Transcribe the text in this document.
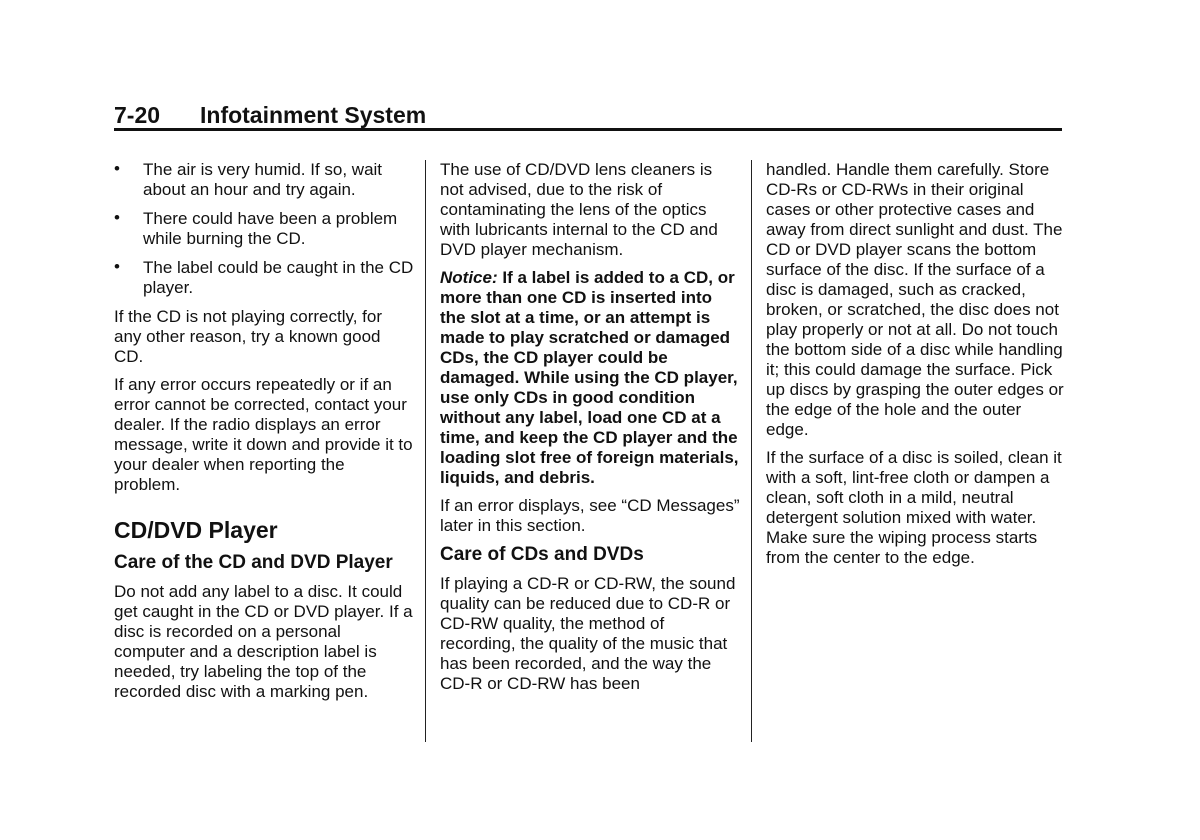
7-20 Infotainment System
• The air is very humid. If so, wait about an hour and try again.
• There could have been a problem while burning the CD.
• The label could be caught in the CD player.

If the CD is not playing correctly, for any other reason, try a known good CD.

If any error occurs repeatedly or if an error cannot be corrected, contact your dealer. If the radio displays an error message, write it down and provide it to your dealer when reporting the problem.

CD/DVD Player
Care of the CD and DVD Player

Do not add any label to a disc. It could get caught in the CD or DVD player. If a disc is recorded on a personal computer and a description label is needed, try labeling the top of the recorded disc with a marking pen.

The use of CD/DVD lens cleaners is not advised, due to the risk of contaminating the lens of the optics with lubricants internal to the CD and DVD player mechanism.

Notice: If a label is added to a CD, or more than one CD is inserted into the slot at a time, or an attempt is made to play scratched or damaged CDs, the CD player could be damaged. While using the CD player, use only CDs in good condition without any label, load one CD at a time, and keep the CD player and the loading slot free of foreign materials, liquids, and debris.

If an error displays, see “CD Messages” later in this section.

Care of CDs and DVDs

If playing a CD-R or CD-RW, the sound quality can be reduced due to CD-R or CD-RW quality, the method of recording, the quality of the music that has been recorded, and the way the CD-R or CD-RW has been

handled. Handle them carefully. Store CD-Rs or CD-RWs in their original cases or other protective cases and away from direct sunlight and dust. The CD or DVD player scans the bottom surface of the disc. If the surface of a disc is damaged, such as cracked, broken, or scratched, the disc does not play properly or not at all. Do not touch the bottom side of a disc while handling it; this could damage the surface. Pick up discs by grasping the outer edges or the edge of the hole and the outer edge.

If the surface of a disc is soiled, clean it with a soft, lint-free cloth or dampen a clean, soft cloth in a mild, neutral detergent solution mixed with water. Make sure the wiping process starts from the center to the edge.
